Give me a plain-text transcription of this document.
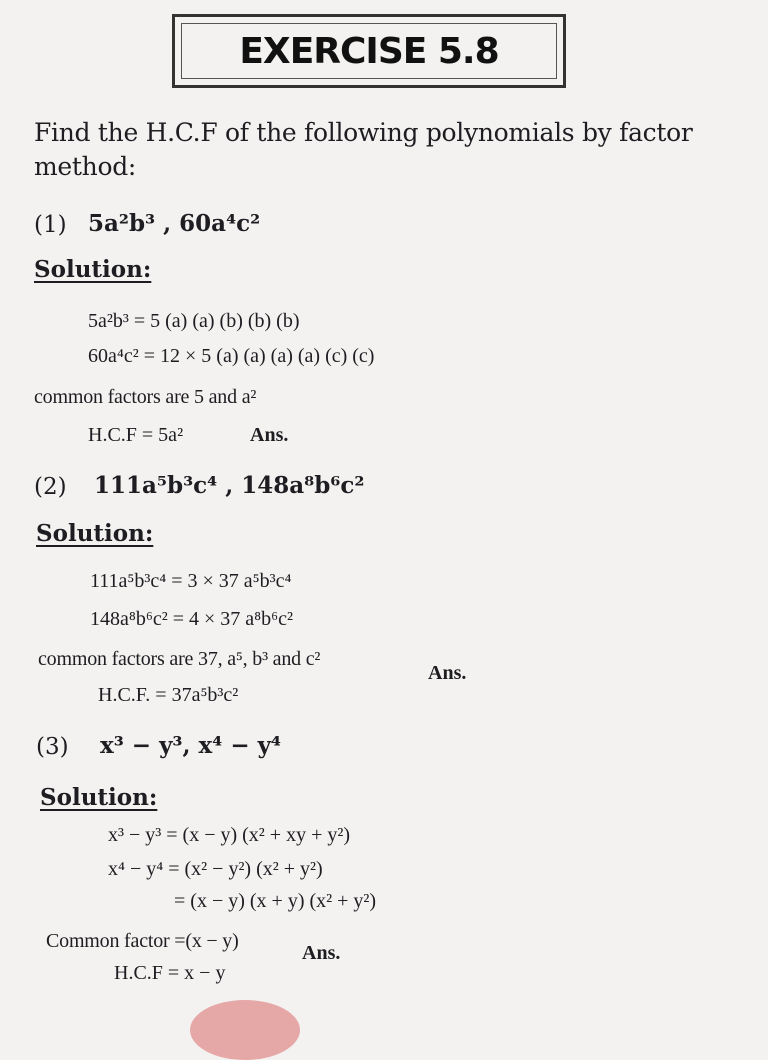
EXERCISE 5.8
Find the H.C.F of the following polynomials by factor
method:
(1) 5a²b³ , 60a⁴c²
Solution:
5a²b³ = 5 (a) (a) (b) (b) (b)
60a⁴c² = 12 × 5 (a) (a) (a) (a) (c) (c)
common factors are 5 and a²
H.C.F = 5a²	Ans.
(2) 111a⁵b³c⁴ , 148a⁸b⁶c²
Solution:
111a⁵b³c⁴ = 3 × 37 a⁵b³c⁴
148a⁸b⁶c² = 4 × 37 a⁸b⁶c²
common factors are 37, a⁵, b³ and c²
H.C.F. = 37a⁵b³c²
Ans.
(3) x³ − y³, x⁴ − y⁴
Solution:
x³ − y³ = (x − y) (x² + xy + y²)
x⁴ − y⁴ = (x² − y²) (x² + y²)
= (x − y) (x + y) (x² + y²)
Common factor =(x − y)
H.C.F = x − y
Ans.
